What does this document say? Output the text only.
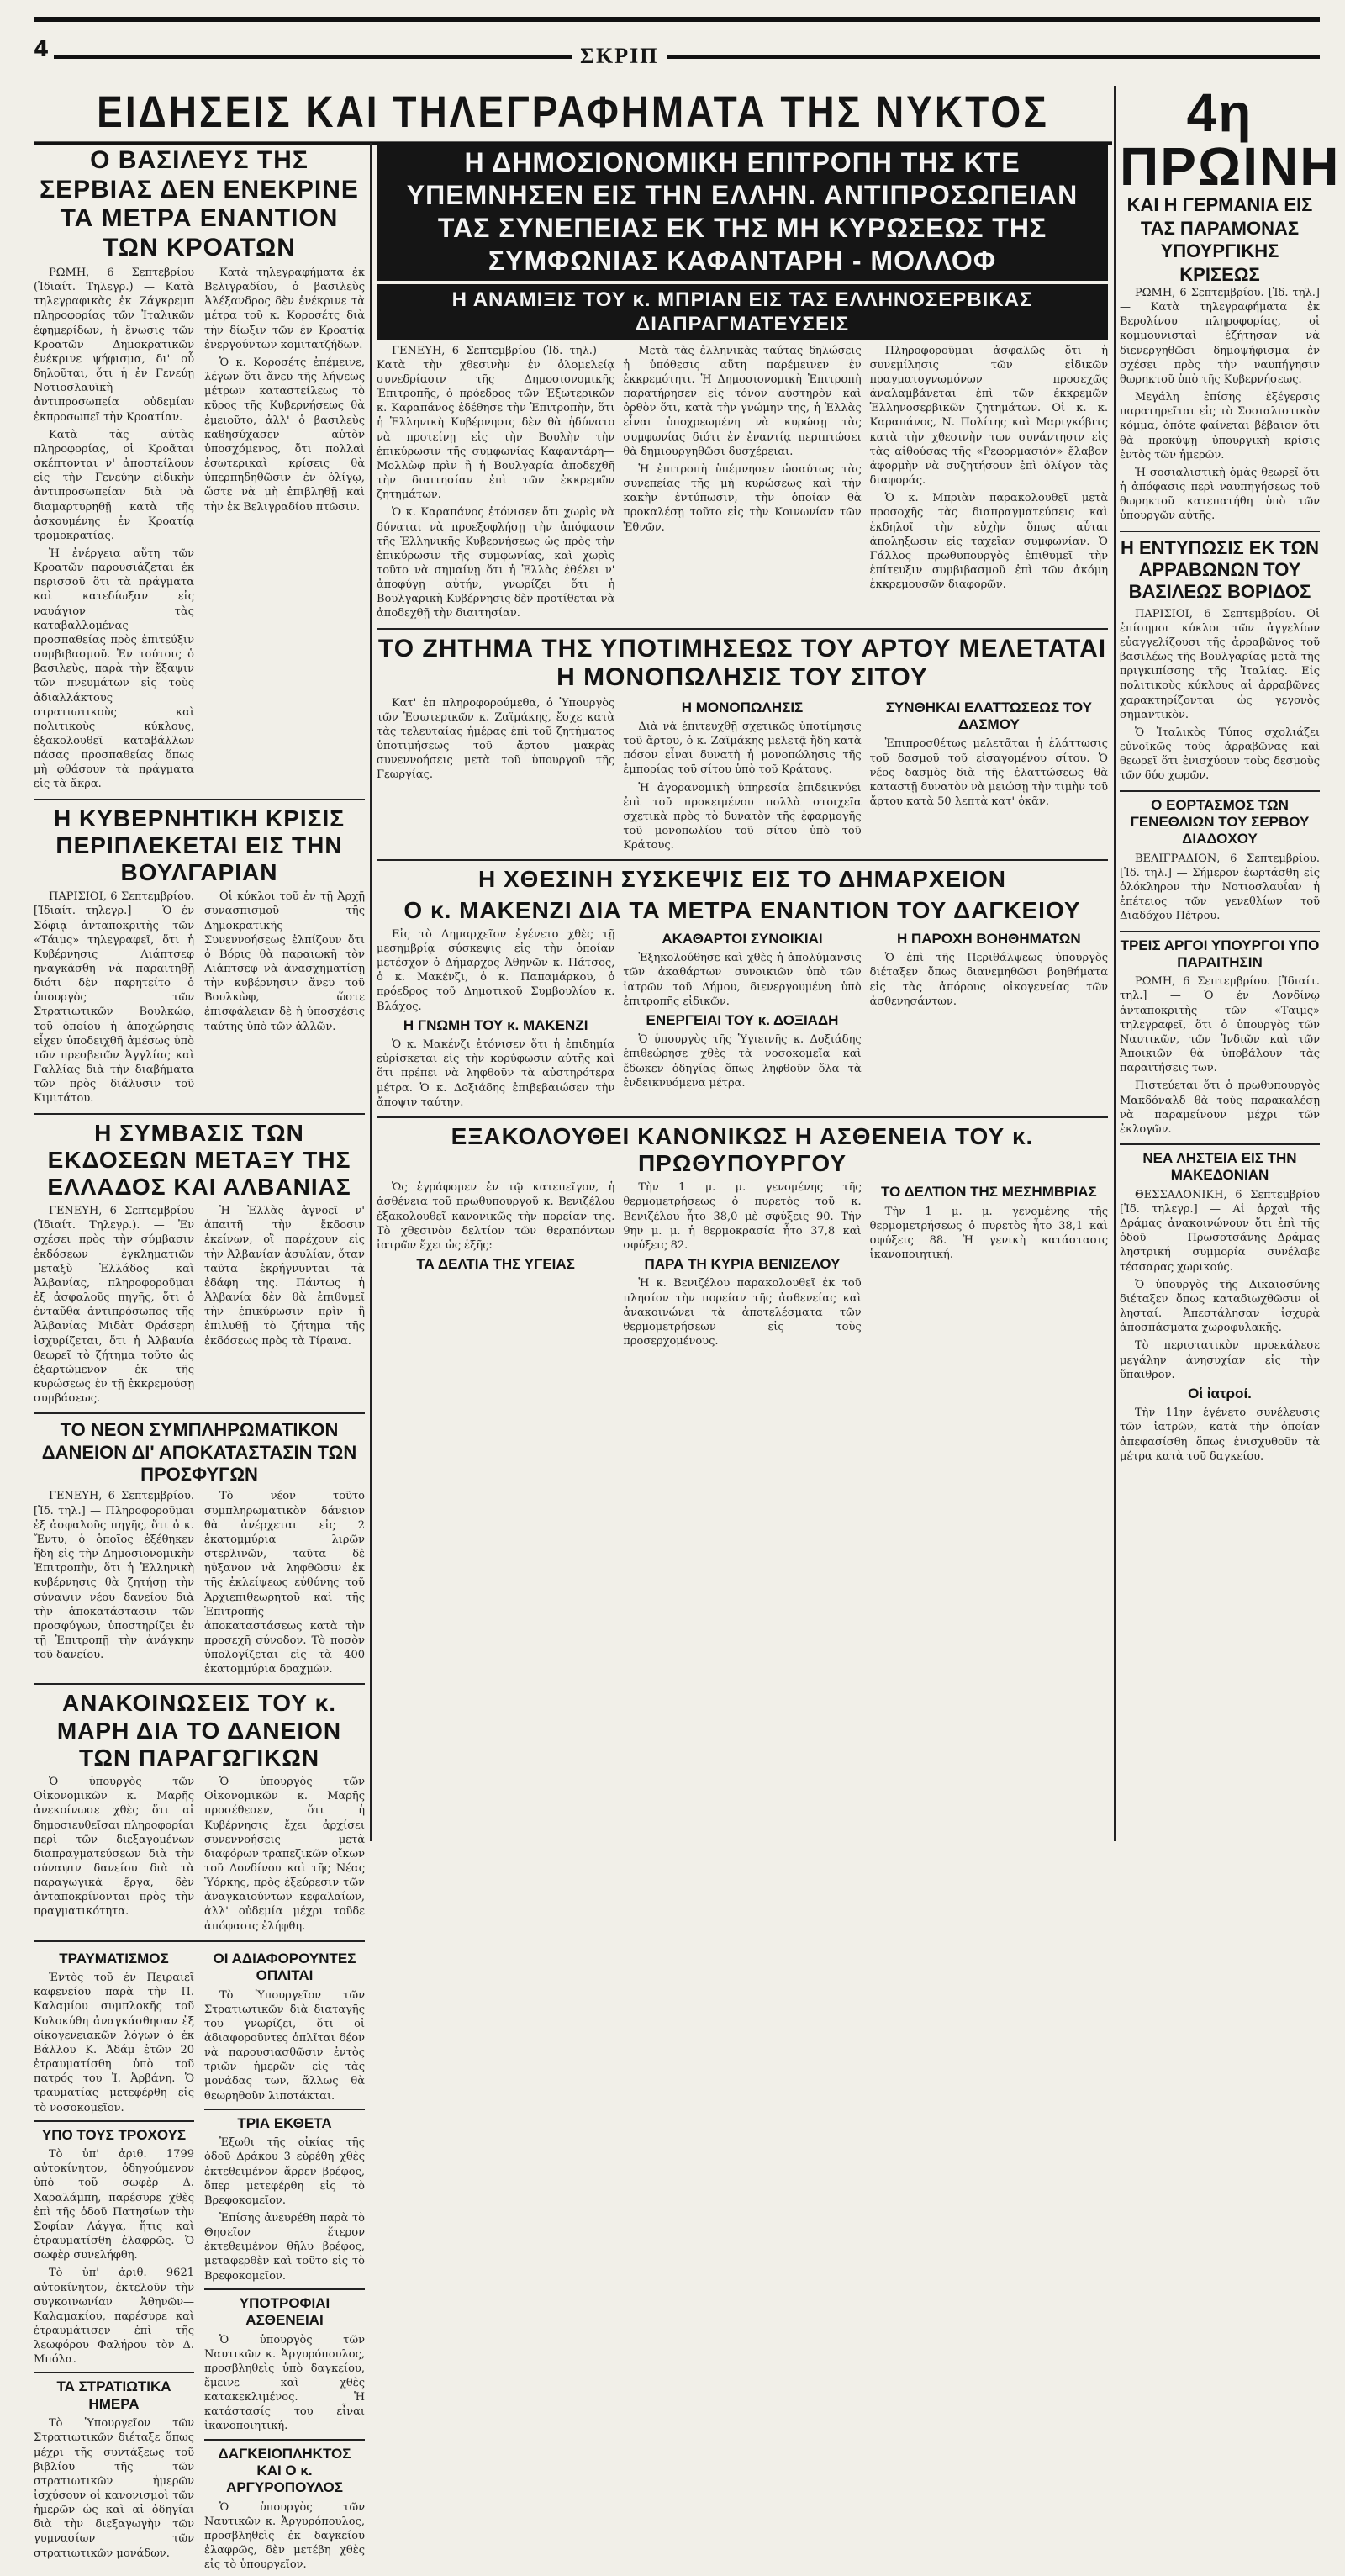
4	ΣΚΡΙΠ
ΕΙΔΗΣΕΙΣ ΚΑΙ ΤΗΛΕΓΡΑΦΗΜΑΤΑ ΤΗΣ ΝΥΚΤΟΣ
Ο ΒΑΣΙΛΕΥΣ ΤΗΣ ΣΕΡΒΙΑΣ ΔΕΝ ΕΝΕΚΡΙΝΕ ΤΑ ΜΕΤΡΑ ΕΝΑΝΤΙΟΝ ΤΩΝ ΚΡΟΑΤΩΝ

ΡΩΜΗ, 6 Σεπτεβρίου (Ἰδιαίτ. Τηλεγρ.) — Κατὰ τηλεγραφικὰς ἐκ Ζάγκρεμπ πληροφορίας τῶν Ἰταλικῶν ἐφημερίδων, ἡ ἕνωσις τῶν Κροατῶν Δημοκρατικῶν ἐνέκρινε ψήφισμα, δι' οὗ δηλοῦται, ὅτι ἡ ἐν Γενεύῃ Νοτιοσλαυϊκὴ ἀντιπροσωπεία οὐδεμίαν ἐκπροσωπεῖ τὴν Κροατίαν.

Κατὰ τὰς αὐτὰς πληροφορίας, οἱ Κροᾶται σκέπτονται ν' ἀποστείλουν εἰς τὴν Γενεύην εἰδικὴν ἀντιπροσωπείαν διὰ νὰ διαμαρτυρηθῇ κατὰ τῆς ἀσκουμένης ἐν Κροατίᾳ τρομοκρατίας.

Ἡ ἐνέργεια αὕτη τῶν Κροατῶν παρουσιάζεται ἐκ περισσοῦ ὅτι τὰ πράγματα καὶ κατεδίωξαν εἰς ναυάγιον τὰς καταβαλλομένας προσπαθείας πρὸς ἐπιτεύξιν συμβιβασμοῦ. Ἐν τούτοις ὁ βασιλεὺς, παρὰ τὴν ἔξαψιν τῶν πνευμάτων εἰς τοὺς ἀδιαλλάκτους στρατιωτικοὺς καὶ πολιτικοὺς κύκλους, ἐξακολουθεῖ καταβάλλων πάσας προσπαθείας ὅπως μὴ φθάσουν τὰ πράγματα εἰς τὰ ἄκρα.

Κατὰ τηλεγραφήματα ἐκ Βελιγραδίου, ὁ βασιλεὺς Ἀλέξανδρος δὲν ἐνέκρινε τὰ μέτρα τοῦ κ. Κοροσέτς διὰ τὴν δίωξιν τῶν ἐν Κροατίᾳ ἐνεργούντων κομιτατζήδων.

Ὁ κ. Κοροσέτς ἐπέμεινε, λέγων ὅτι ἄνευ τῆς λήψεως μέτρων καταστείλεως τὸ κῦρος τῆς Κυβερνήσεως θὰ ἐμειοῦτο, ἀλλ' ὁ βασιλεὺς καθησύχασεν αὐτὸν ὑποσχόμενος, ὅτι πολλαὶ ἐσωτερικαὶ κρίσεις θὰ ὑπερπηδηθῶσιν ἐν ὀλίγῳ, ὥστε νὰ μὴ ἐπιβληθῇ καὶ τὴν ἐκ Βελιγραδίου πτῶσιν.

Η ΚΥΒΕΡΝΗΤΙΚΗ ΚΡΙΣΙΣ ΠΕΡΙΠΛΕΚΕΤΑΙ ΕΙΣ ΤΗΝ ΒΟΥΛΓΑΡΙΑΝ

ΠΑΡΙΣΙΟΙ, 6 Σεπτεμβρίου. [Ἰδιαίτ. τηλεγρ.] — Ὁ ἐν Σόφιᾳ ἀνταποκριτὴς τῶν «Τάιμς» τηλεγραφεῖ, ὅτι ἡ Κυβέρνησις Λιάπτσεφ ηναγκάσθη νὰ παραιτηθῇ διότι δὲν παρητείτο ὁ ὑπουργὸς τῶν Στρατιωτικῶν Βουλκώφ, τοῦ ὁποίου ἡ ἀποχώρησις εἶχεν ὑποδειχθῆ ἀμέσως ὑπὸ τῶν πρεσβειῶν Ἀγγλίας καὶ Γαλλίας διὰ τὴν διαβήματα τῶν πρὸς διάλυσιν τοῦ Κιμιτάτου.

Οἱ κύκλοι τοῦ ἐν τῇ Ἀρχῇ συνασπισμοῦ τῆς Δημοκρατικῆς Συνεννοήσεως ἐλπίζουν ὅτι ὁ Βόρις θὰ παραιωκῆ τὸν Λιάπτσεφ νὰ ἀνασχηματίσῃ τὴν κυβέρνησιν ἄνευ τοῦ Βουλκὼφ, ὥστε ἐπισφάλειαν δὲ ἡ ὑποσχέσις ταύτης ὑπὸ τῶν ἀλλῶν.

Η ΣΥΜΒΑΣΙΣ ΤΩΝ ΕΚΔΟΣΕΩΝ ΜΕΤΑΞΥ ΤΗΣ ΕΛΛΑΔΟΣ ΚΑΙ ΑΛΒΑΝΙΑΣ

ΓΕΝΕΥΗ, 6 Σεπτεμβρίου (Ἰδιαίτ. Τηλεγρ.). — Ἐν σχέσει πρὸς τὴν σύμβασιν ἐκδόσεων ἐγκληματιῶν μεταξὺ Ἑλλάδος καὶ Ἀλβανίας, πληροφοροῦμαι ἐξ ἀσφαλοῦς πηγῆς, ὅτι ὁ ἐνταῦθα ἀντιπρόσωπος τῆς Ἀλβανίας Μιδὰτ Φράσερη ἰσχυρίζεται, ὅτι ἡ Ἀλβανία θεωρεῖ τὸ ζήτημα τοῦτο ὡς ἐξαρτώμενον ἐκ τῆς κυρώσεως ἐν τῇ ἐκκρεμούσῃ συμβάσεως.

Ἡ Ἑλλὰς ἀγνοεῖ ν' ἀπαιτῆ τὴν ἔκδοσιν ἐκείνων, οἳ παρέχουν εἰς τὴν Ἀλβανίαν ἀσυλίαν, ὅταν ταῦτα ἐκρήγνυνται τὰ ἐδάφη της. Πάντως ἡ Ἀλβανία δὲν θὰ ἐπιθυμεῖ τὴν ἐπικύρωσιν πρὶν ἢ ἐπιλυθῇ τὸ ζήτημα τῆς ἐκδόσεως πρὸς τὰ Τίρανα.

ΤΟ ΝΕΟΝ ΣΥΜΠΛΗΡΩΜΑΤΙΚΟΝ ΔΑΝΕΙΟΝ ΔΙ' ΑΠΟΚΑΤΑΣΤΑΣΙΝ ΤΩΝ ΠΡΟΣΦΥΓΩΝ

ΓΕΝΕΥΗ, 6 Σεπτεμβρίου. [Ἰδ. τηλ.] — Πληροφοροῦμαι ἐξ ἀσφαλοῦς πηγῆς, ὅτι ὁ κ. Ἔντυ, ὁ ὁποῖος ἐξέθηκεν ἤδη εἰς τὴν Δημοσιονομικὴν Ἐπιτροπὴν, ὅτι ἡ Ἑλληνικὴ κυβέρνησις θὰ ζητήσῃ τὴν σύναψιν νέου δανείου διὰ τὴν ἀποκατάστασιν τῶν προσφύγων, ὑποστηρίζει ἐν τῇ Ἐπιτροπῇ τὴν ἀνάγκην τοῦ δανείου.

Τὸ νέον τοῦτο συμπληρωματικὸν δάνειον θὰ ἀνέρχεται εἰς 2 ἑκατομμύρια λιρῶν στερλινῶν, ταῦτα δὲ ηὐξανον νὰ ληφθῶσιν ἐκ τῆς ἐκλείψεως εὐθύνης τοῦ Ἀρχιεπιθεωρητοῦ καὶ τῆς Ἐπιτροπῆς ἀποκαταστάσεως κατὰ τὴν προσεχῆ σύνοδον. Τὸ ποσὸν ὑπολογίζεται εἰς τὰ 400 ἑκατομμύρια δραχμῶν.

ΑΝΑΚΟΙΝΩΣΕΙΣ ΤΟΥ κ. ΜΑΡΗ ΔΙΑ ΤΟ ΔΑΝΕΙΟΝ ΤΩΝ ΠΑΡΑΓΩΓΙΚΩΝ

Ὁ ὑπουργὸς τῶν Οἰκονομικῶν κ. Μαρῆς ἀνεκοίνωσε χθὲς ὅτι αἱ δημοσιευθεῖσαι πληροφορίαι περὶ τῶν διεξαγομένων διαπραγματεύσεων διὰ τὴν σύναψιν δανείου διὰ τὰ παραγωγικὰ ἔργα, δὲν ἀνταποκρίνονται πρὸς τὴν πραγματικότητα.

Ὁ ὑπουργὸς τῶν Οἰκονομικῶν κ. Μαρῆς προσέθεσεν, ὅτι ἡ Κυβέρνησις ἔχει ἀρχίσει συνεννοήσεις μετὰ διαφόρων τραπεζικῶν οἴκων τοῦ Λονδίνου καὶ τῆς Νέας Ὑόρκης, πρὸς ἐξεύρεσιν τῶν ἀναγκαιούντων κεφαλαίων, ἀλλ' οὐδεμία μέχρι τοῦδε ἀπόφασις ἐλήφθη.

ΤΡΑΥΜΑΤΙΣΜΟΣ

Ἐντὸς τοῦ ἐν Πειραιεῖ καφενείου παρὰ τὴν Π. Καλαμίου συμπλοκῆς τοῦ Κολοκύθη ἀναγκάσθησαν ἐξ οἰκογενειακῶν λόγων ὁ ἐκ Βάλλου Κ. Ἀδάμ ἐτῶν 20 ἐτραυματίσθη ὑπὸ τοῦ πατρός του Ἰ. Ἀρβάνη. Ὁ τραυματίας μετεφέρθη εἰς τὸ νοσοκομεῖον.

ΥΠΟ ΤΟΥΣ ΤΡΟΧΟΥΣ

Τὸ ὑπ' ἀριθ. 1799 αὐτοκίνητον, ὁδηγούμενον ὑπὸ τοῦ σωφὲρ Δ. Χαραλάμπη, παρέσυρε χθὲς ἐπὶ τῆς ὁδοῦ Πατησίων τὴν Σοφίαν Λάγγα, ἥτις καὶ ἐτραυματίσθη ἐλαφρῶς. Ὁ σωφὲρ συνελήφθη.

Τὸ ὑπ' ἀριθ. 9621 αὐτοκίνητον, ἐκτελοῦν τὴν συγκοινωνίαν Ἀθηνῶν—Καλαμακίου, παρέσυρε καὶ ἐτραυμάτισεν ἐπὶ τῆς λεωφόρου Φαλήρου τὸν Δ. Μπόλα.

ΤΑ ΣΤΡΑΤΙΩΤΙΚΑ ΗΜΕΡΑ

Τὸ Ὑπουργεῖον τῶν Στρατιωτικῶν διέταξε ὅπως μέχρι τῆς συντάξεως τοῦ βιβλίου τῆς τῶν στρατιωτικῶν ἡμερῶν ἰσχύσουν οἱ κανονισμοὶ τῶν ἡμερῶν ὡς καὶ αἱ ὁδηγίαι διὰ τὴν διεξαγωγὴν τῶν γυμνασίων τῶν στρατιωτικῶν μονάδων.

ΟΙ ΑΔΙΑΦΟΡΟΥΝΤΕΣ ΟΠΛΙΤΑΙ

Τὸ Ὑπουργεῖον τῶν Στρατιωτικῶν διὰ διαταγῆς του γνωρίζει, ὅτι οἱ ἀδιαφοροῦντες ὁπλῖται δέον νὰ παρουσιασθῶσιν ἐντὸς τριῶν ἡμερῶν εἰς τὰς μονάδας των, ἄλλως θὰ θεωρηθοῦν λιποτάκται.

ΤΡΙΑ ΕΚΘΕΤΑ

Ἐξωθι τῆς οἰκίας τῆς ὁδοῦ Δράκου 3 εὑρέθη χθὲς ἐκτεθειμένον ἄρρεν βρέφος, ὅπερ μετεφέρθη εἰς τὸ Βρεφοκομεῖον.

Ἐπίσης ἀνευρέθη παρὰ τὸ Θησεῖον ἕτερον ἐκτεθειμένον θῆλυ βρέφος, μεταφερθὲν καὶ τοῦτο εἰς τὸ Βρεφοκομεῖον.

ΥΠΟΤΡΟΦΙΑΙ ΑΣΘΕΝΕΙΑΙ

Ὁ ὑπουργὸς τῶν Ναυτικῶν κ. Ἀργυρόπουλος, προσβληθεὶς ὑπὸ δαγκείου, ἔμεινε καὶ χθὲς κατακεκλιμένος. Ἡ κατάστασίς του εἶναι ἱκανοποιητική.

ΔΑΓΚΕΙΟΠΛΗΚΤΟΣ ΚΑΙ Ο κ. ΑΡΓΥΡΟΠΟΥΛΟΣ

Ὁ ὑπουργὸς τῶν Ναυτικῶν κ. Ἀργυρόπουλος, προσβληθεὶς ἐκ δαγκείου ἐλαφρῶς, δὲν μετέβη χθὲς εἰς τὸ ὑπουργεῖον.

Η ΔΗΜΟΣΙΟΝΟΜΙΚΗ ΕΠΙΤΡΟΠΗ ΤΗΣ ΚΤΕ ΥΠΕΜΝΗΣΕΝ ΕΙΣ ΤΗΝ ΕΛΛΗΝ. ΑΝΤΙΠΡΟΣΩΠΕΙΑΝ ΤΑΣ ΣΥΝΕΠΕΙΑΣ ΕΚ ΤΗΣ ΜΗ ΚΥΡΩΣΕΩΣ ΤΗΣ ΣΥΜΦΩΝΙΑΣ ΚΑΦΑΝΤΑΡΗ - ΜΟΛΛΟΦ
Η ΑΝΑΜΙΞΙΣ ΤΟΥ κ. ΜΠΡΙΑΝ ΕΙΣ ΤΑΣ ΕΛΛΗΝΟΣΕΡΒΙΚΑΣ ΔΙΑΠΡΑΓΜΑΤΕΥΣΕΙΣ

ΓΕΝΕΥΗ, 6 Σεπτεμβρίου (Ἰδ. τηλ.) — Κατὰ τὴν χθεσινὴν ἐν ὁλομελείᾳ συνεδρίασιν τῆς Δημοσιονομικῆς Ἐπιτροπῆς, ὁ πρόεδρος τῶν Ἐξωτερικῶν κ. Καραπάνος ἐδέθησε τὴν Ἐπιτροπὴν, ὅτι ἡ Ἑλληνικὴ Κυβέρνησις δὲν θὰ ἠδύνατο νὰ προτείνῃ εἰς τὴν Βουλὴν τὴν ἐπικύρωσιν τῆς συμφωνίας Καφαντάρη—Μολλὼφ πρὶν ἢ ἡ Βουλγαρία ἀποδεχθῆ τὴν διαιτησίαν ἐπὶ τῶν ἐκκρεμῶν ζητημάτων.

Ὁ κ. Καραπάνος ἐτόνισεν ὅτι χωρὶς νὰ δύναται νὰ προεξοφλήσῃ τὴν ἀπόφασιν τῆς Ἑλληνικῆς Κυβερνήσεως ὡς πρὸς τὴν ἐπικύρωσιν τῆς συμφωνίας, καὶ χωρὶς τοῦτο νὰ σημαίνῃ ὅτι ἡ Ἑλλὰς ἐθέλει ν' ἀποφύγῃ αὐτήν, γνωρίζει ὅτι ἡ Βουλγαρικὴ Κυβέρνησις δὲν προτίθεται νὰ ἀποδεχθῇ τὴν διαιτησίαν.

Μετὰ τὰς ἑλληνικὰς ταύτας δηλώσεις ἡ ὑπόθεσις αὕτη παρέμεινεν ἐν ἐκκρεμότητι. Ἡ Δημοσιονομικὴ Ἐπιτροπὴ παρατήρησεν εἰς τόνον αὐστηρὸν καὶ ὀρθὸν ὅτι, κατὰ τὴν γνώμην της, ἡ Ἑλλὰς εἶναι ὑποχρεωμένη νὰ κυρώσῃ τὰς συμφωνίας διότι ἐν ἐναντίᾳ περιπτώσει θὰ δημιουργηθῶσι δυσχέρειαι.

Ἡ ἐπιτροπὴ ὑπέμνησεν ὡσαύτως τὰς συνεπείας τῆς μὴ κυρώσεως καὶ τὴν κακὴν ἐντύπωσιν, τὴν ὁποίαν θὰ προκαλέσῃ τοῦτο εἰς τὴν Κοινωνίαν τῶν Ἐθνῶν.

Πληροφοροῦμαι ἀσφαλῶς ὅτι ἡ συνεμίλησις τῶν εἰδικῶν πραγματογνωμόνων προσεχῶς ἀναλαμβάνεται ἐπὶ τῶν ἐκκρεμῶν Ἑλληνοσερβικῶν ζητημάτων. Οἱ κ. κ. Καραπάνος, Ν. Πολίτης καὶ Μαριγκόβιτς κατὰ τὴν χθεσινὴν των συνάντησιν εἰς τὰς αἰθούσας τῆς «Ρεφορμασιόν» ἔλαβον ἀφορμὴν νὰ συζητήσουν ἐπὶ ὀλίγον τὰς διαφοράς.

Ὁ κ. Μπριὰν παρακολουθεῖ μετὰ προσοχῆς τὰς διαπραγματεύσεις καὶ ἐκδηλοῖ τὴν εὐχὴν ὅπως αὗται ἀποληξωσιν εἰς ταχεῖαν συμφωνίαν. Ὁ Γάλλος πρωθυπουργὸς ἐπιθυμεῖ τὴν ἐπίτευξιν συμβιβασμοῦ ἐπὶ τῶν ἀκόμη ἐκκρεμουσῶν διαφορῶν.

ΤΟ ΖΗΤΗΜΑ ΤΗΣ ΥΠΟΤΙΜΗΣΕΩΣ ΤΟΥ ΑΡΤΟΥ ΜΕΛΕΤΑΤΑΙ Η ΜΟΝΟΠΩΛΗΣΙΣ ΤΟΥ ΣΙΤΟΥ

Κατ' ἐπ πληροφορούμεθα, ὁ Ὑπουργὸς τῶν Ἐσωτερικῶν κ. Ζαϊμάκης, ἔσχε κατὰ τὰς τελευταίας ἡμέρας ἐπὶ τοῦ ζητήματος ὑποτιμήσεως τοῦ ἄρτου μακρὰς συνεννοήσεις μετὰ τοῦ ὑπουργοῦ τῆς Γεωργίας.

Η ΜΟΝΟΠΩΛΗΣΙΣ

Διὰ νὰ ἐπιτευχθῇ σχετικῶς ὑποτίμησις τοῦ ἄρτου, ὁ κ. Ζαϊμάκης μελετᾷ ἤδη κατὰ πόσον εἶναι δυνατὴ ἡ μονοπώλησις τῆς ἐμπορίας τοῦ σίτου ὑπὸ τοῦ Κράτους.

Ἡ ἀγορανομικὴ ὑπηρεσία ἐπιδεικνύει ἐπὶ τοῦ προκειμένου πολλὰ στοιχεῖα σχετικὰ πρὸς τὸ δυνατὸν τῆς ἐφαρμογῆς τοῦ μονοπωλίου τοῦ σίτου ὑπὸ τοῦ Κράτους.

ΣΥΝΘΗΚΑΙ ΕΛΑΤΤΩΣΕΩΣ ΤΟΥ ΔΑΣΜΟΥ

Ἐπιπροσθέτως μελετᾶται ἡ ἐλάττωσις τοῦ δασμοῦ τοῦ εἰσαγομένου σίτου. Ὁ νέος δασμὸς διὰ τῆς ἐλαττώσεως θὰ καταστῇ δυνατὸν νὰ μειώσῃ τὴν τιμὴν τοῦ ἄρτου κατὰ 50 λεπτὰ κατ' ὀκᾶν.

Η ΧΘΕΣΙΝΗ ΣΥΣΚΕΨΙΣ ΕΙΣ ΤΟ ΔΗΜΑΡΧΕΙΟΝ
Ο κ. ΜΑΚΕΝΖΙ ΔΙΑ ΤΑ ΜΕΤΡΑ ΕΝΑΝΤΙΟΝ ΤΟΥ ΔΑΓΚΕΙΟΥ

Εἰς τὸ Δημαρχεῖον ἐγένετο χθὲς τῇ μεσημβρίᾳ σύσκεψις εἰς τὴν ὁποίαν μετέσχον ὁ Δήμαρχος Ἀθηνῶν κ. Πάτσος, ὁ κ. Μακένζι, ὁ κ. Παπαμάρκου, ὁ πρόεδρος τοῦ Δημοτικοῦ Συμβουλίου κ. Βλάχος.

Η ΓΝΩΜΗ ΤΟΥ κ. ΜΑΚΕΝΖΙ

Ὁ κ. Μακένζι ἐτόνισεν ὅτι ἡ ἐπιδημία εὑρίσκεται εἰς τὴν κορύφωσιν αὐτῆς καὶ ὅτι πρέπει νὰ ληφθοῦν τὰ αὐστηρότερα μέτρα. Ὁ κ. Δοξιάδης ἐπιβεβαιώσεν τὴν ἄποψιν ταύτην.

ΑΚΑΘΑΡΤΟΙ ΣΥΝΟΙΚΙΑΙ

Ἐξηκολούθησε καὶ χθὲς ἡ ἀπολύμανσις τῶν ἀκαθάρτων συνοικιῶν ὑπὸ τῶν ἰατρῶν τοῦ Δήμου, διενεργουμένη ὑπὸ ἐπιτροπῆς εἰδικῶν.

ΕΝΕΡΓΕΙΑΙ ΤΟΥ κ. ΔΟΞΙΑΔΗ

Ὁ ὑπουργὸς τῆς Ὑγιεινῆς κ. Δοξιάδης ἐπιθεώρησε χθὲς τὰ νοσοκομεῖα καὶ ἔδωκεν ὁδηγίας ὅπως ληφθοῦν ὅλα τὰ ἐνδεικνυόμενα μέτρα.

Η ΠΑΡΟΧΗ ΒΟΗΘΗΜΑΤΩΝ

Ὁ ἐπὶ τῆς Περιθάλψεως ὑπουργὸς διέταξεν ὅπως διανεμηθῶσι βοηθήματα εἰς τὰς ἀπόρους οἰκογενείας τῶν ἀσθενησάντων.

ΕΞΑΚΟΛΟΥΘΕΙ ΚΑΝΟΝΙΚΩΣ Η ΑΣΘΕΝΕΙΑ ΤΟΥ κ. ΠΡΩΘΥΠΟΥΡΓΟΥ

Ὡς ἐγράφομεν ἐν τῷ κατεπεῖγον, ἡ ἀσθένεια τοῦ πρωθυπουργοῦ κ. Βενιζέλου ἐξακολουθεῖ κανονικῶς τὴν πορείαν της. Τὸ χθεσινὸν δελτίον τῶν θεραπόντων ἰατρῶν ἔχει ὡς ἑξῆς:

ΤΑ ΔΕΛΤΙΑ ΤΗΣ ΥΓΕΙΑΣ

Τὴν 1 μ. μ. γενομένης τῆς θερμομετρήσεως ὁ πυρετὸς τοῦ κ. Βενιζέλου ἦτο 38,0 μὲ σφύξεις 90. Τὴν 9ην μ. μ. ἡ θερμοκρασία ἦτο 37,8 καὶ σφύξεις 82.

ΠΑΡΑ ΤΗ ΚΥΡΙΑ ΒΕΝΙΖΕΛΟΥ

Ἡ κ. Βενιζέλου παρακολουθεῖ ἐκ τοῦ πλησίον τὴν πορείαν τῆς ἀσθενείας καὶ ἀνακοινώνει τὰ ἀποτελέσματα τῶν θερμομετρήσεων εἰς τοὺς προσερχομένους.

ΤΟ ΔΕΛΤΙΟΝ ΤΗΣ ΜΕΣΗΜΒΡΙΑΣ

Τὴν 1 μ. μ. γενομένης τῆς θερμομετρήσεως ὁ πυρετὸς ἦτο 38,1 καὶ σφύξεις 88. Ἡ γενικὴ κατάστασις ἱκανοποιητική.

4η ΠΡΩΙΝΗ
ΚΑΙ Η ΓΕΡΜΑΝΙΑ ΕΙΣ ΤΑΣ ΠΑΡΑΜΟΝΑΣ ΥΠΟΥΡΓΙΚΗΣ ΚΡΙΣΕΩΣ

ΡΩΜΗ, 6 Σεπτεμβρίου. [Ἰδ. τηλ.] — Κατὰ τηλεγραφήματα ἐκ Βερολίνου πληροφορίας, οἱ κομμουνισταὶ ἐζήτησαν νὰ διενεργηθῶσι δημοψήφισμα ἐν σχέσει πρὸς τὴν ναυπήγησιν θωρηκτοῦ ὑπὸ τῆς Κυβερνήσεως.

Μεγάλη ἐπίσης ἐξέγερσις παρατηρεῖται εἰς τὸ Σοσιαλιστικὸν κόμμα, ὁπότε φαίνεται βέβαιον ὅτι θὰ προκύψῃ ὑπουργικὴ κρίσις ἐντὸς τῶν ἡμερῶν.

Ἡ σοσιαλιστικὴ ὁμὰς θεωρεῖ ὅτι ἡ ἀπόφασις περὶ ναυπηγήσεως τοῦ θωρηκτοῦ κατεπατήθη ὑπὸ τῶν ὑπουργῶν αὐτῆς.

Η ΕΝΤΥΠΩΣΙΣ ΕΚ ΤΩΝ ΑΡΡΑΒΩΝΩΝ ΤΟΥ ΒΑΣΙΛΕΩΣ ΒΟΡΙΔΟΣ

ΠΑΡΙΣΙΟΙ, 6 Σεπτεμβρίου. Οἱ ἐπίσημοι κύκλοι τῶν ἀγγελίων εὐαγγελίζουσι τῆς ἀρραβῶνος τοῦ βασιλέως τῆς Βουλγαρίας μετὰ τῆς πριγκιπίσσης τῆς Ἰταλίας. Εἰς πολιτικοὺς κύκλους αἱ ἀρραβῶνες χαρακτηρίζονται ὡς γεγονὸς σημαντικὸν.

Ὁ Ἰταλικὸς Τύπος σχολιάζει εὐνοϊκῶς τοὺς ἀρραβῶνας καὶ θεωρεῖ ὅτι ἐνισχύουν τοὺς δεσμοὺς τῶν δύο χωρῶν.

Ο ΕΟΡΤΑΣΜΟΣ ΤΩΝ ΓΕΝΕΘΛΙΩΝ ΤΟΥ ΣΕΡΒΟΥ ΔΙΑΔΟΧΟΥ

ΒΕΛΙΓΡΑΔΙΟΝ, 6 Σεπτεμβρίου. [Ἰδ. τηλ.] — Σήμερον ἑωρτάσθη εἰς ὁλόκληρον τὴν Νοτιοσλαυΐαν ἡ ἐπέτειος τῶν γενεθλίων τοῦ Διαδόχου Πέτρου.

ΤΡΕΙΣ ΑΡΓΟΙ ΥΠΟΥΡΓΟΙ ΥΠΟ ΠΑΡΑΙΤΗΣΙΝ

ΡΩΜΗ, 6 Σεπτεμβρίου. [Ἰδιαίτ. τηλ.] — Ὁ ἐν Λονδίνῳ ἀνταποκριτὴς τῶν «Ταιμς» τηλεγραφεῖ, ὅτι ὁ ὑπουργὸς τῶν Ναυτικῶν, τῶν Ἰνδιῶν καὶ τῶν Ἀποικιῶν θὰ ὑποβάλουν τὰς παραιτήσεις των.

Πιστεύεται ὅτι ὁ πρωθυπουργὸς Μακδόναλδ θὰ τοὺς παρακαλέσῃ νὰ παραμείνουν μέχρι τῶν ἐκλογῶν.

ΝΕΑ ΛΗΣΤΕΙΑ ΕΙΣ ΤΗΝ ΜΑΚΕΔΟΝΙΑΝ

ΘΕΣΣΑΛΟΝΙΚΗ, 6 Σεπτεμβρίου [Ἰδ. τηλεγρ.] — Αἱ ἀρχαὶ τῆς Δράμας ἀνακοινώνουν ὅτι ἐπὶ τῆς ὁδοῦ Πρωσοτσάνης—Δράμας ληστρική συμμορία συνέλαβε τέσσαρας χωρικούς.

Ὁ ὑπουργὸς τῆς Δικαιοσύνης διέταξεν ὅπως καταδιωχθῶσιν οἱ λησταί. Ἀπεστάλησαν ἰσχυρὰ ἀποσπάσματα χωροφυλακῆς.

Τὸ περιστατικὸν προεκάλεσε μεγάλην ἀνησυχίαν εἰς τὴν ὕπαιθρον.

Οἱ ἰατροί.

Τὴν 11ην ἐγένετο συνέλευσις τῶν ἰατρῶν, κατὰ τὴν ὁποίαν ἀπεφασίσθη ὅπως ἐνισχυθοῦν τὰ μέτρα κατὰ τοῦ δαγκείου.
